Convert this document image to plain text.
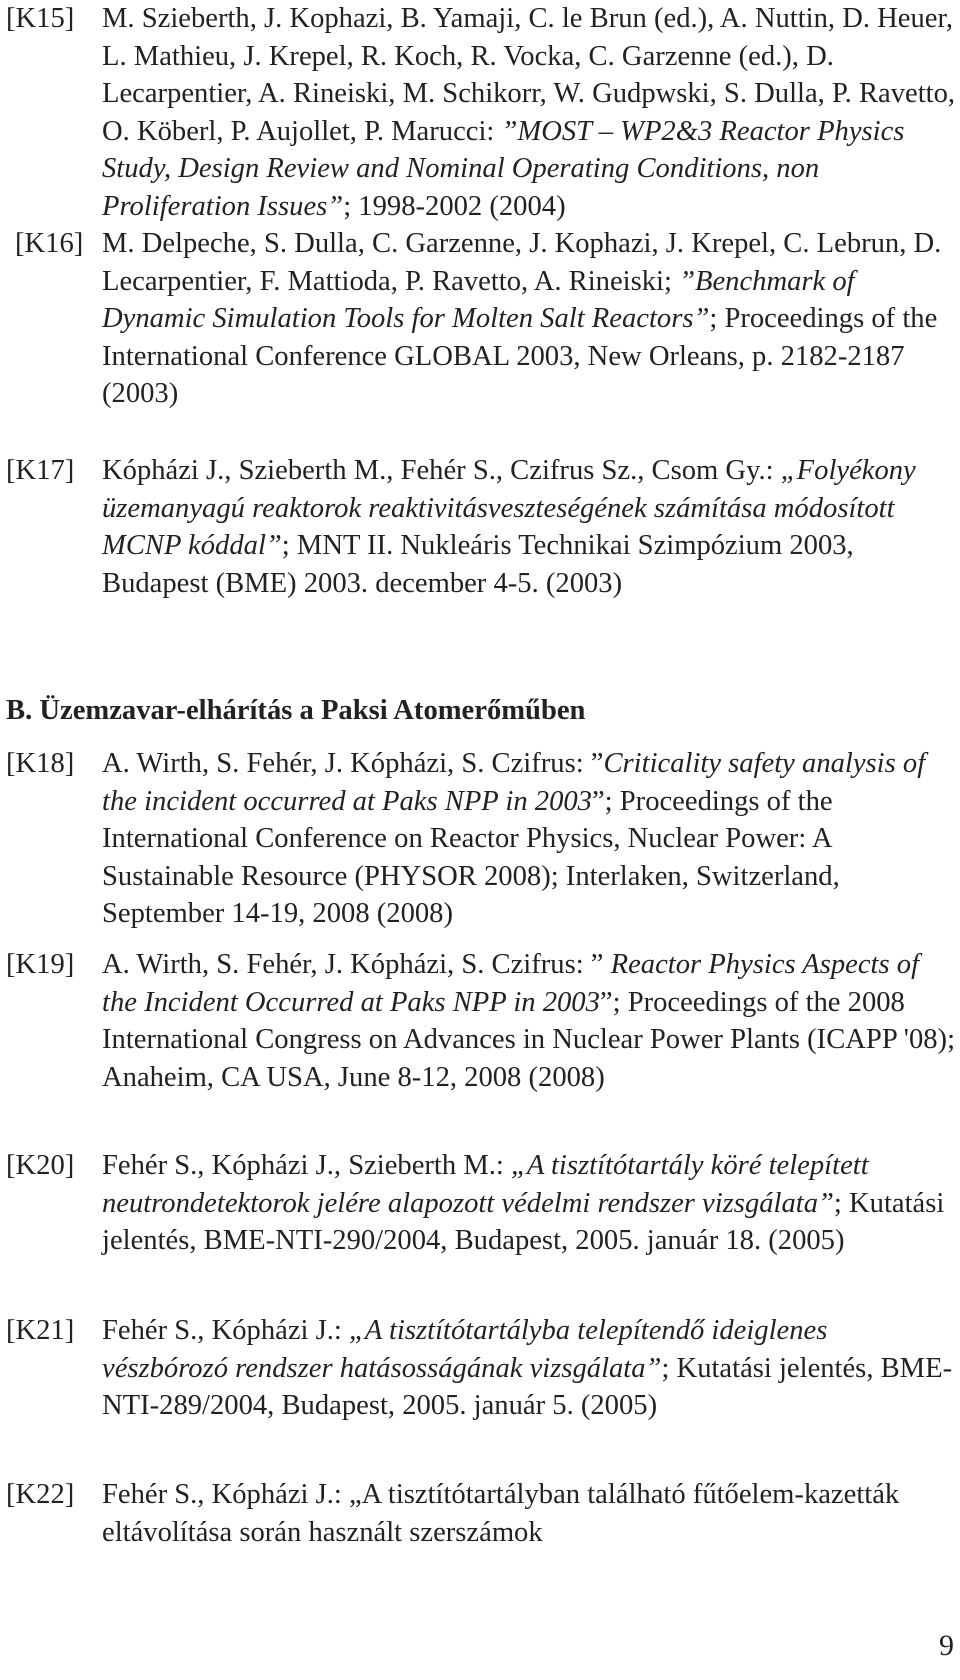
[K15] M. Szieberth, J. Kophazi, B. Yamaji, C. le Brun (ed.), A. Nuttin, D. Heuer, L. Mathieu, J. Krepel, R. Koch, R. Vocka, C. Garzenne (ed.), D. Lecarpentier, A. Rineiski, M. Schikorr, W. Gudpwski, S. Dulla, P. Ravetto, O. Köberl, P. Aujollet, P. Marucci: ”MOST – WP2&3 Reactor Physics Study, Design Review and Nominal Operating Conditions, non Proliferation Issues”; 1998-2002 (2004)
[K16] M. Delpeche, S. Dulla, C. Garzenne, J. Kophazi, J. Krepel, C. Lebrun, D. Lecarpentier, F. Mattioda, P. Ravetto, A. Rineiski; ”Benchmark of Dynamic Simulation Tools for Molten Salt Reactors”; Proceedings of the International Conference GLOBAL 2003, New Orleans, p. 2182-2187 (2003)
[K17] Kópházi J., Szieberth M., Fehér S., Czifrus Sz., Csom Gy.: „Folyékony üzemanyagú reaktorok reaktivitásveszteségének számítása módosított MCNP kóddal”; MNT II. Nukleáris Technikai Szimpózium 2003, Budapest (BME) 2003. december 4-5. (2003)
B. Üzemzavar-elhárítás a Paksi Atomerőműben
[K18] A. Wirth, S. Fehér, J. Kópházi, S. Czifrus: ”Criticality safety analysis of the incident occurred at Paks NPP in 2003”; Proceedings of the International Conference on Reactor Physics, Nuclear Power: A Sustainable Resource (PHYSOR 2008); Interlaken, Switzerland, September 14-19, 2008 (2008)
[K19] A. Wirth, S. Fehér, J. Kópházi, S. Czifrus: ” Reactor Physics Aspects of the Incident Occurred at Paks NPP in 2003”; Proceedings of the 2008 International Congress on Advances in Nuclear Power Plants (ICAPP '08); Anaheim, CA USA, June 8-12, 2008 (2008)
[K20] Fehér S., Kópházi J., Szieberth M.: „A tisztítótartály köré telepített neutrondetektorok jelére alapozott védelmi rendszer vizsgálata”; Kutatási jelentés, BME-NTI-290/2004, Budapest, 2005. január 18. (2005)
[K21] Fehér S., Kópházi J.: „A tisztítótartályba telepítendő ideiglenes vészbórozó rendszer hatásosságának vizsgálata”; Kutatási jelentés, BME-NTI-289/2004, Budapest, 2005. január 5. (2005)
[K22] Fehér S., Kópházi J.: „A tisztítótartályban található fűtőelem-kazetták eltávolítása során használt szerszámok
9
